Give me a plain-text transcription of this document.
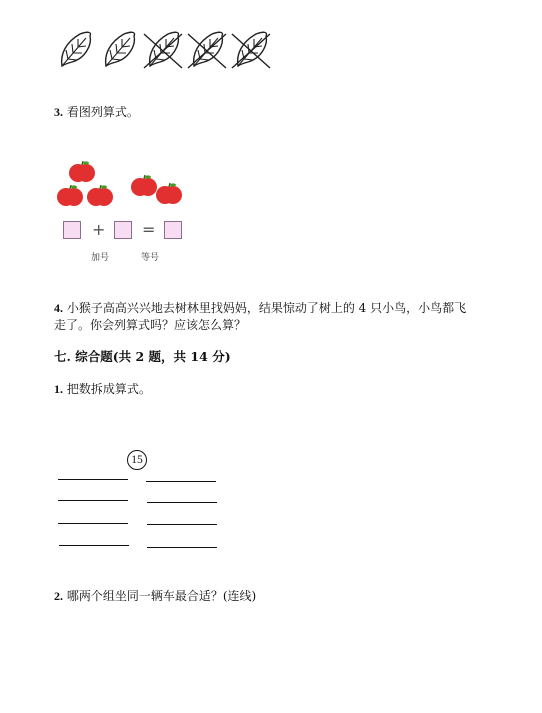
3. 看图列算式。
+ =
加号	等号
4. 小猴子高高兴兴地去树林里找妈妈，结果惊动了树上的 4 只小鸟，小鸟都飞
走了。你会列算式吗？应该怎么算？
七. 综合题(共 2 题，共 14 分)
1. 把数拆成算式。
15
2. 哪两个组坐同一辆车最合适？(连线)
